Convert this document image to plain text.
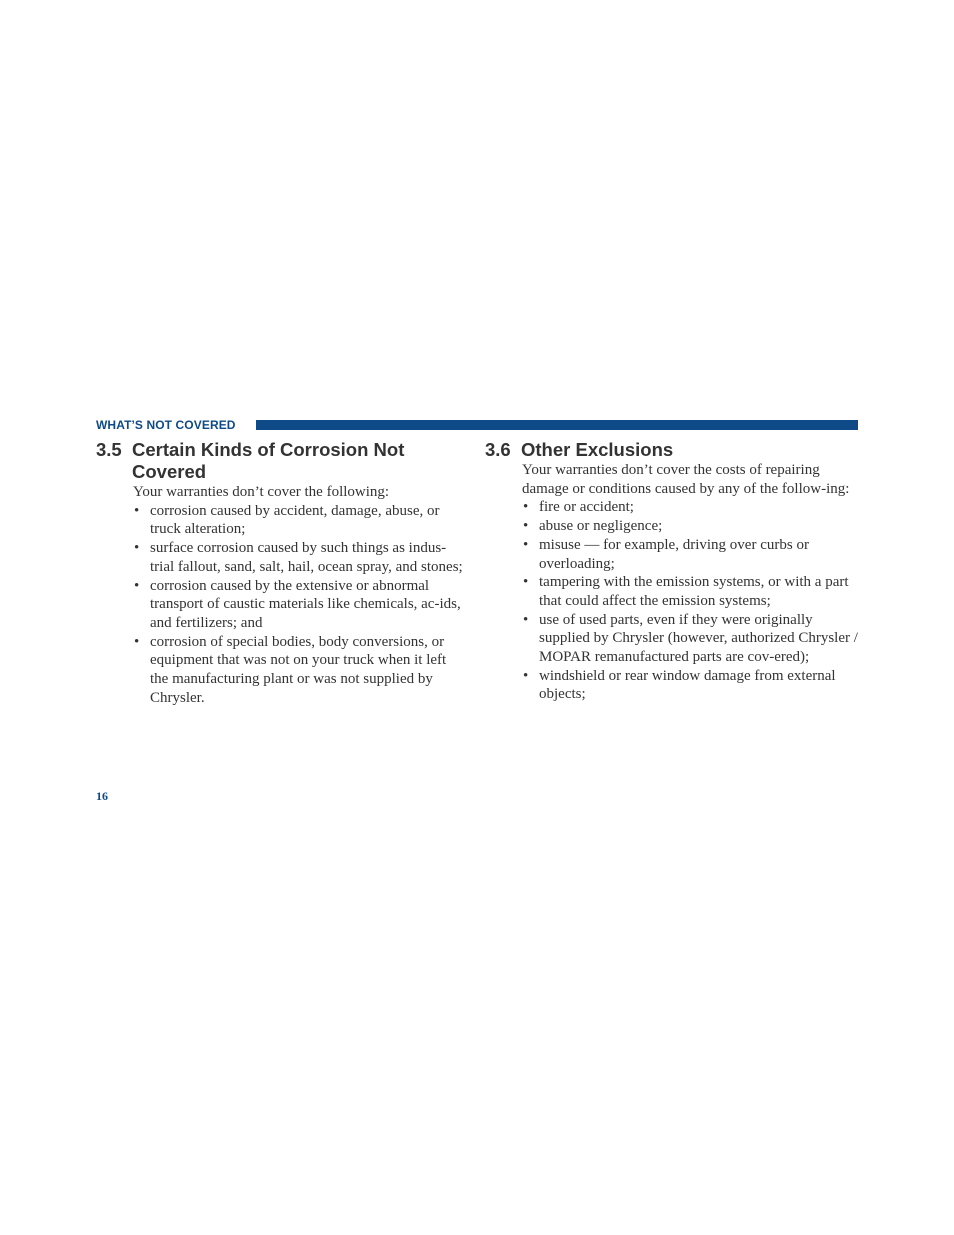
WHAT’S NOT COVERED
3.5 Certain Kinds of Corrosion Not
Covered

Your warranties don’t cover the following:

• corrosion caused by accident, damage, abuse, or truck alteration;
• surface corrosion caused by such things as indus-trial fallout, sand, salt, hail, ocean spray, and stones;
• corrosion caused by the extensive or abnormal transport of caustic materials like chemicals, ac-ids, and fertilizers; and
• corrosion of special bodies, body conversions, or equipment that was not on your truck when it left the manufacturing plant or was not supplied by Chrysler.
3.6 Other Exclusions

Your warranties don’t cover the costs of repairing damage or conditions caused by any of the follow-ing:

• fire or accident;
• abuse or negligence;
• misuse — for example, driving over curbs or overloading;
• tampering with the emission systems, or with a part that could affect the emission systems;
• use of used parts, even if they were originally supplied by Chrysler (however, authorized Chrysler / MOPAR remanufactured parts are cov-ered);
• windshield or rear window damage from external objects;
16
